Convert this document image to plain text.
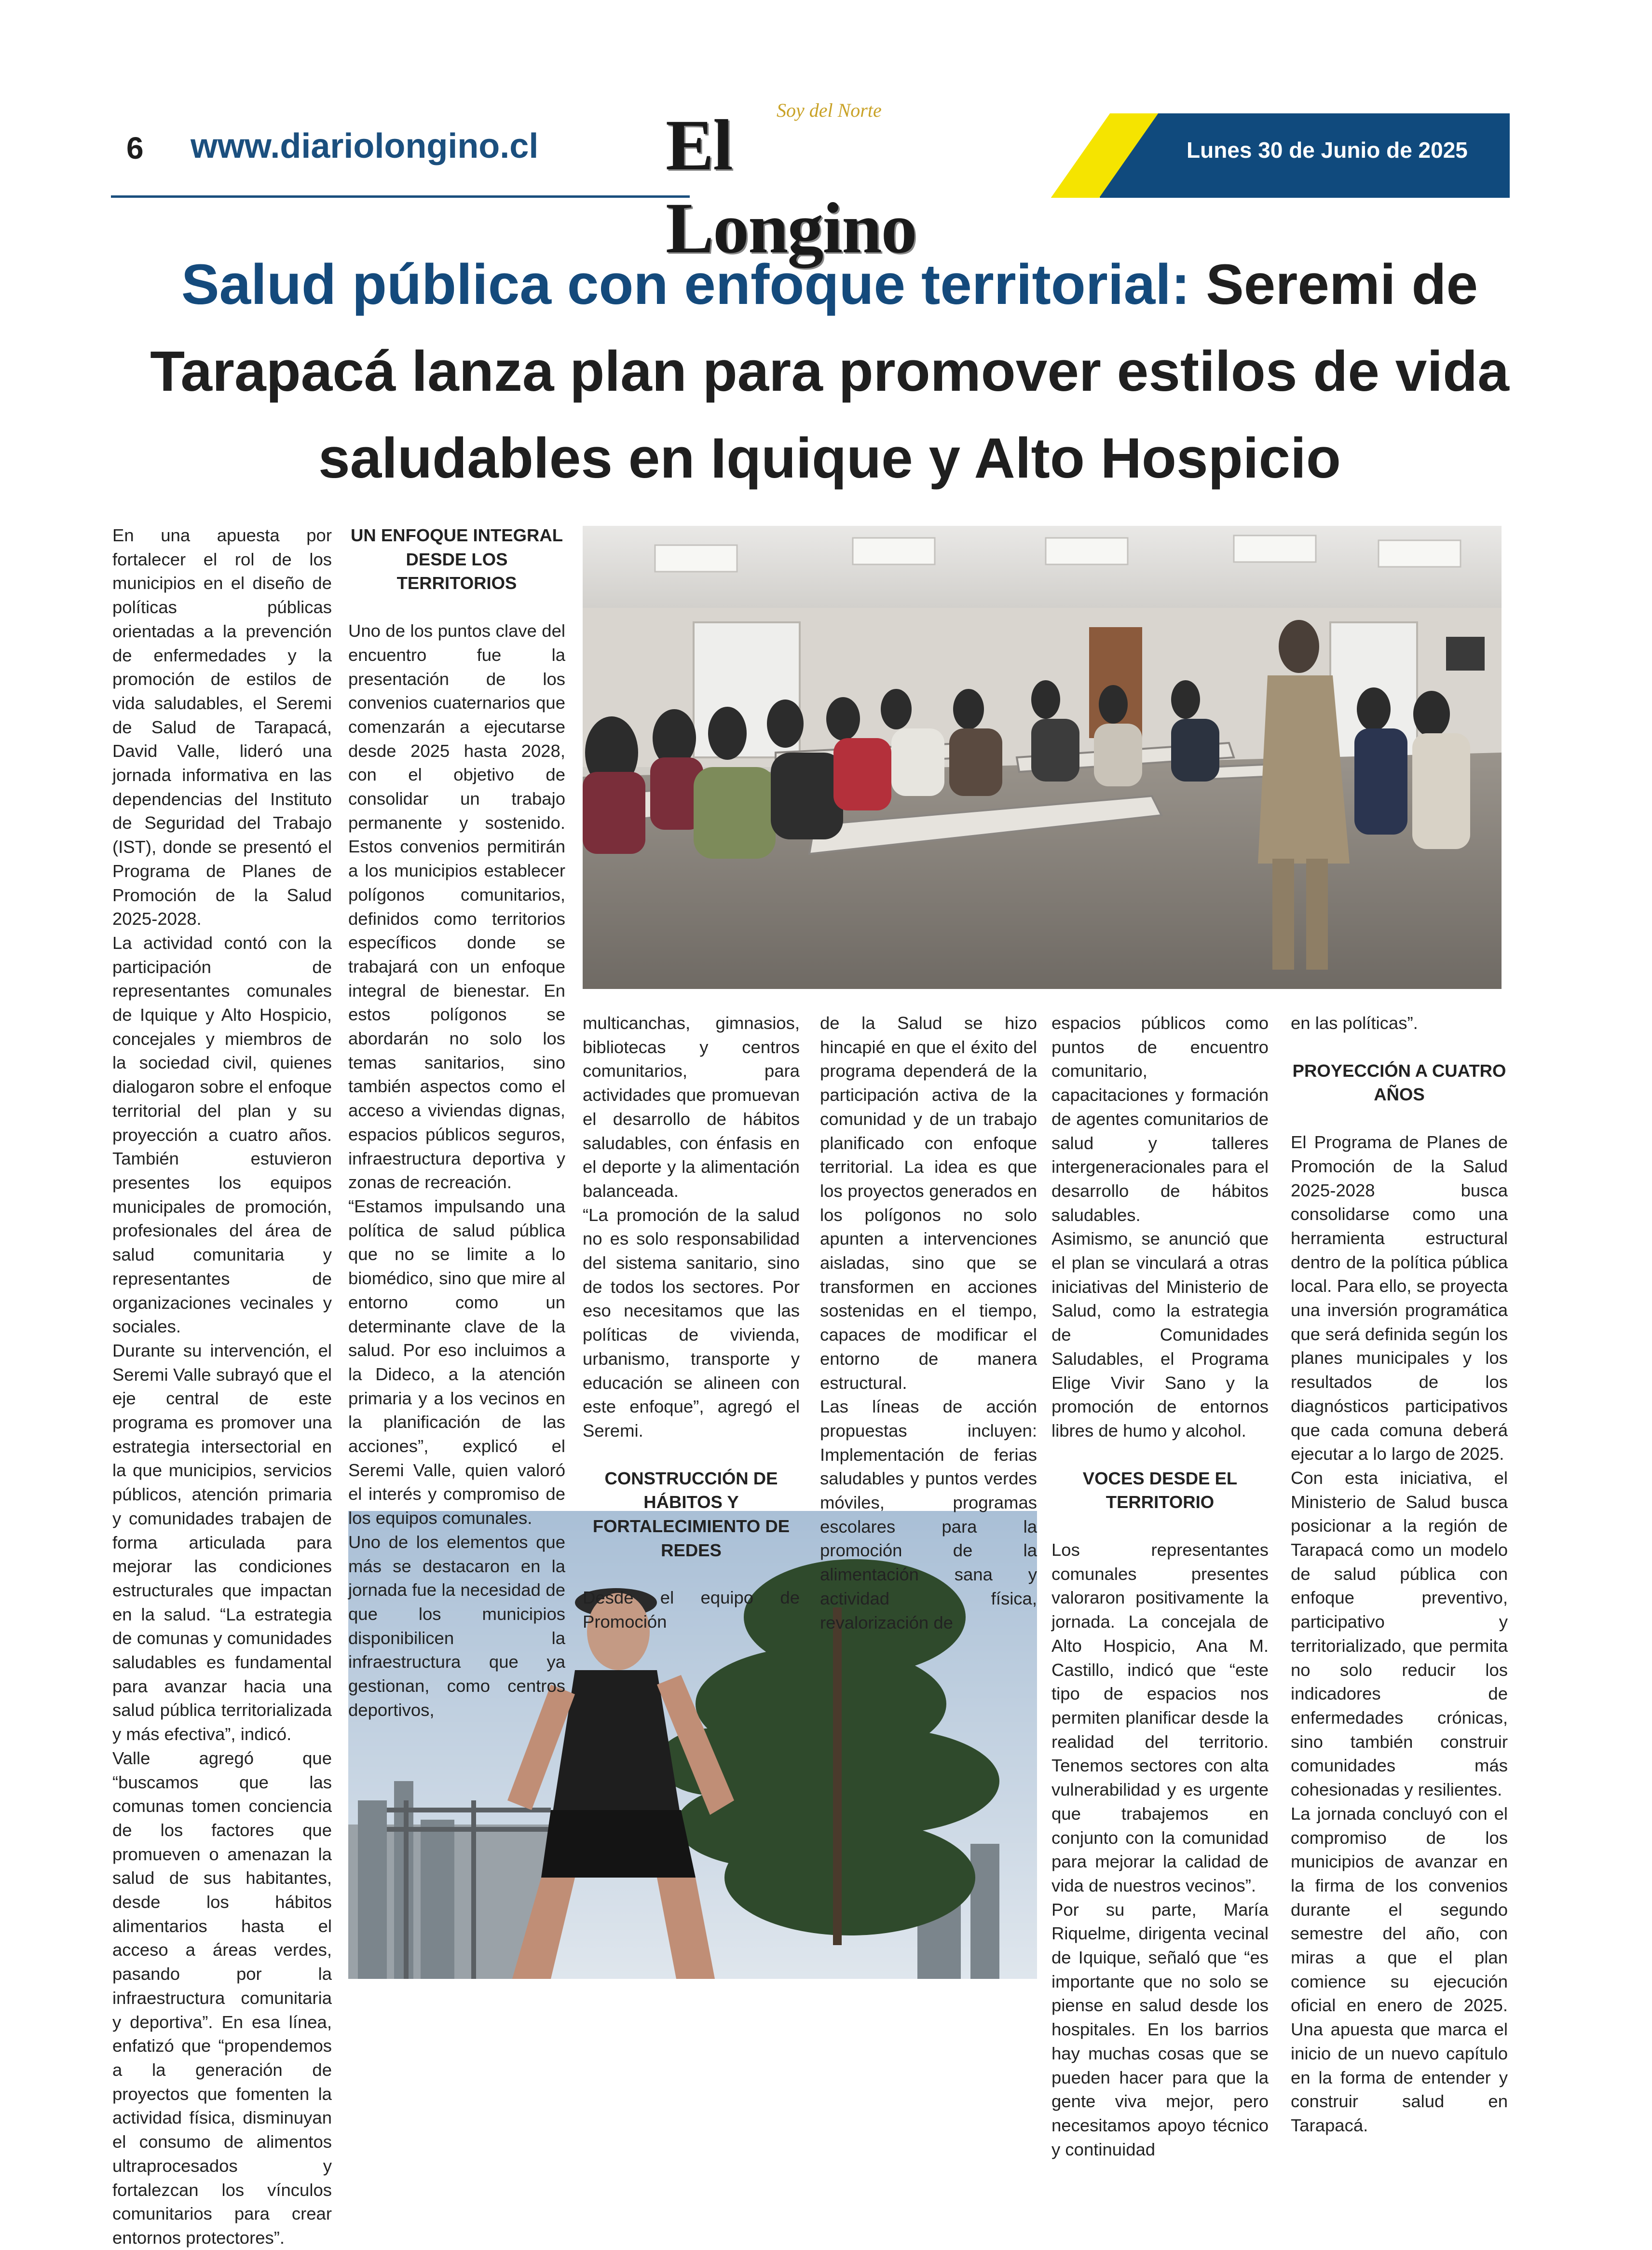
6 www.diariolongino.cl
Soy del Norte
El Longino
Lunes 30 de Junio de 2025
Salud pública con enfoque territorial: Seremi de
Tarapacá lanza plan para promover estilos de vida
saludables en Iquique y Alto Hospicio

En una apuesta por fortalecer el rol de los municipios en el diseño de políticas públicas orientadas a la prevención de enfermedades y la promoción de estilos de vida saludables, el Seremi de Salud de Tarapacá, David Valle, lideró una jornada informativa en las dependencias del Instituto de Seguridad del Trabajo (IST), donde se presentó el Programa de Planes de Promoción de la Salud 2025-2028.

La actividad contó con la participación de representantes comunales de Iquique y Alto Hospicio, concejales y miembros de la sociedad civil, quienes dialogaron sobre el enfoque territorial del plan y su proyección a cuatro años. También estuvieron presentes los equipos municipales de promoción, profesionales del área de salud comunitaria y representantes de organizaciones vecinales y sociales.

Durante su intervención, el Seremi Valle subrayó que el eje central de este programa es promover una estrategia intersectorial en la que municipios, servicios públicos, atención primaria y comunidades trabajen de forma articulada para mejorar las condiciones estructurales que impactan en la salud. “La estrategia de comunas y comunidades saludables es fundamental para avanzar hacia una salud pública territorializada y más efectiva”, indicó.

Valle agregó que “buscamos que las comunas tomen conciencia de los factores que promueven o amenazan la salud de sus habitantes, desde los hábitos alimentarios hasta el acceso a áreas verdes, pasando por la infraestructura comunitaria y deportiva”. En esa línea, enfatizó que “propendemos a la generación de proyectos que fomenten la actividad física, disminuyan el consumo de alimentos ultraprocesados y fortalezcan los vínculos comunitarios para crear entornos protectores”.

UN ENFOQUE INTEGRAL
DESDE LOS TERRITORIOS

Uno de los puntos clave del encuentro fue la presentación de los convenios cuaternarios que comenzarán a ejecutarse desde 2025 hasta 2028, con el objetivo de consolidar un trabajo permanente y sostenido. Estos convenios permitirán a los municipios establecer polígonos comunitarios, definidos como territorios específicos donde se trabajará con un enfoque integral de bienestar. En estos polígonos se abordarán no solo los temas sanitarios, sino también aspectos como el acceso a viviendas dignas, espacios públicos seguros, infraestructura deportiva y zonas de recreación.

“Estamos impulsando una política de salud pública que no se limite a lo biomédico, sino que mire al entorno como un determinante clave de la salud. Por eso incluimos a la Dideco, a la atención primaria y a los vecinos en la planificación de las acciones”, explicó el Seremi Valle, quien valoró el interés y compromiso de los equipos comunales.

Uno de los elementos que más se destacaron en la jornada fue la necesidad de que los municipios disponibilicen la infraestructura que ya gestionan, como centros deportivos,

multicanchas, gimnasios, bibliotecas y centros comunitarios, para actividades que promuevan el desarrollo de hábitos saludables, con énfasis en el deporte y la alimentación balanceada.

“La promoción de la salud no es solo responsabilidad del sistema sanitario, sino de todos los sectores. Por eso necesitamos que las políticas de vivienda, urbanismo, transporte y educación se alineen con este enfoque”, agregó el Seremi.

CONSTRUCCIÓN DE HÁBITOS Y
FORTALECIMIENTO DE REDES

Desde el equipo de Promoción

de la Salud se hizo hincapié en que el éxito del programa dependerá de la participación activa de la comunidad y de un trabajo planificado con enfoque territorial. La idea es que los proyectos generados en los polígonos no solo apunten a intervenciones aisladas, sino que se transformen en acciones sostenidas en el tiempo, capaces de modificar el entorno de manera estructural.

Las líneas de acción propuestas incluyen: Implementación de ferias saludables y puntos verdes móviles, programas escolares para la promoción de la alimentación sana y actividad física, revalorización de

espacios públicos como puntos de encuentro comunitario, capacitaciones y formación de agentes comunitarios de salud y talleres intergeneracionales para el desarrollo de hábitos saludables.

Asimismo, se anunció que el plan se vinculará a otras iniciativas del Ministerio de Salud, como la estrategia de Comunidades Saludables, el Programa Elige Vivir Sano y la promoción de entornos libres de humo y alcohol.

VOCES DESDE EL TERRITORIO

Los representantes comunales presentes valoraron positivamente la jornada. La concejala de Alto Hospicio, Ana M. Castillo, indicó que “este tipo de espacios nos permiten planificar desde la realidad del territorio. Tenemos sectores con alta vulnerabilidad y es urgente que trabajemos en conjunto con la comunidad para mejorar la calidad de vida de nuestros vecinos”.

Por su parte, María Riquelme, dirigenta vecinal de Iquique, señaló que “es importante que no solo se piense en salud desde los hospitales. En los barrios hay muchas cosas que se pueden hacer para que la gente viva mejor, pero necesitamos apoyo técnico y continuidad

en las políticas”.

PROYECCIÓN A CUATRO AÑOS

El Programa de Planes de Promoción de la Salud 2025-2028 busca consolidarse como una herramienta estructural dentro de la política pública local. Para ello, se proyecta una inversión programática que será definida según los planes municipales y los resultados de los diagnósticos participativos que cada comuna deberá ejecutar a lo largo de 2025.

Con esta iniciativa, el Ministerio de Salud busca posicionar a la región de Tarapacá como un modelo de salud pública con enfoque preventivo, participativo y territorializado, que permita no solo reducir los indicadores de enfermedades crónicas, sino también construir comunidades más cohesionadas y resilientes.

La jornada concluyó con el compromiso de los municipios de avanzar en la firma de los convenios durante el segundo semestre del año, con miras a que el plan comience su ejecución oficial en enero de 2025. Una apuesta que marca el inicio de un nuevo capítulo en la forma de entender y construir salud en Tarapacá.
